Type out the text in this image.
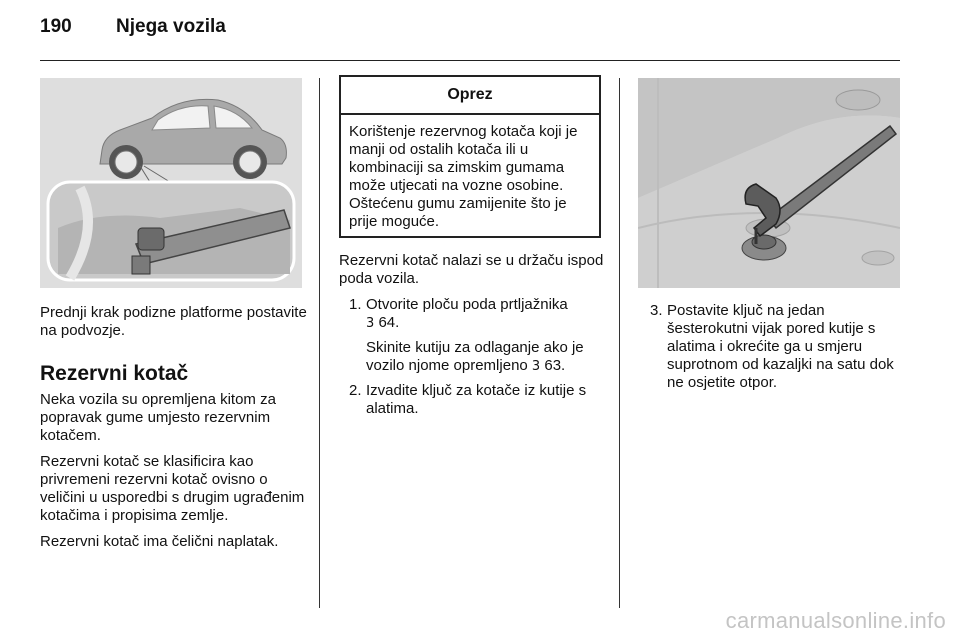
190	Njega vozila

Prednji krak podizne platforme postavite na podvozje.

Rezervni kotač

Neka vozila su opremljena kitom za popravak gume umjesto rezervnim kotačem.

Rezervni kotač se klasificira kao privremeni rezervni kotač ovisno o veličini u usporedbi s drugim ugrađenim kotačima i propisima zemlje.

Rezervni kotač ima čelični naplatak.

Oprez
Korištenje rezervnog kotača koji je manji od ostalih kotača ili u kombinaciji sa zimskim gumama može utjecati na vozne osobine. Oštećenu gumu zamijenite što je prije moguće.

Rezervni kotač nalazi se u držaču ispod poda vozila.

1. Otvorite ploču poda prtljažnika
3 64.
Skinite kutiju za odlaganje ako je vozilo njome opremljeno 3 63.
2. Izvadite ključ za kotače iz kutije s alatima.
3. Postavite ključ na jedan šesterokutni vijak pored kutije s alatima i okrećite ga u smjeru suprotnom od kazaljki na satu dok ne osjetite otpor.
carmanualsonline.info
